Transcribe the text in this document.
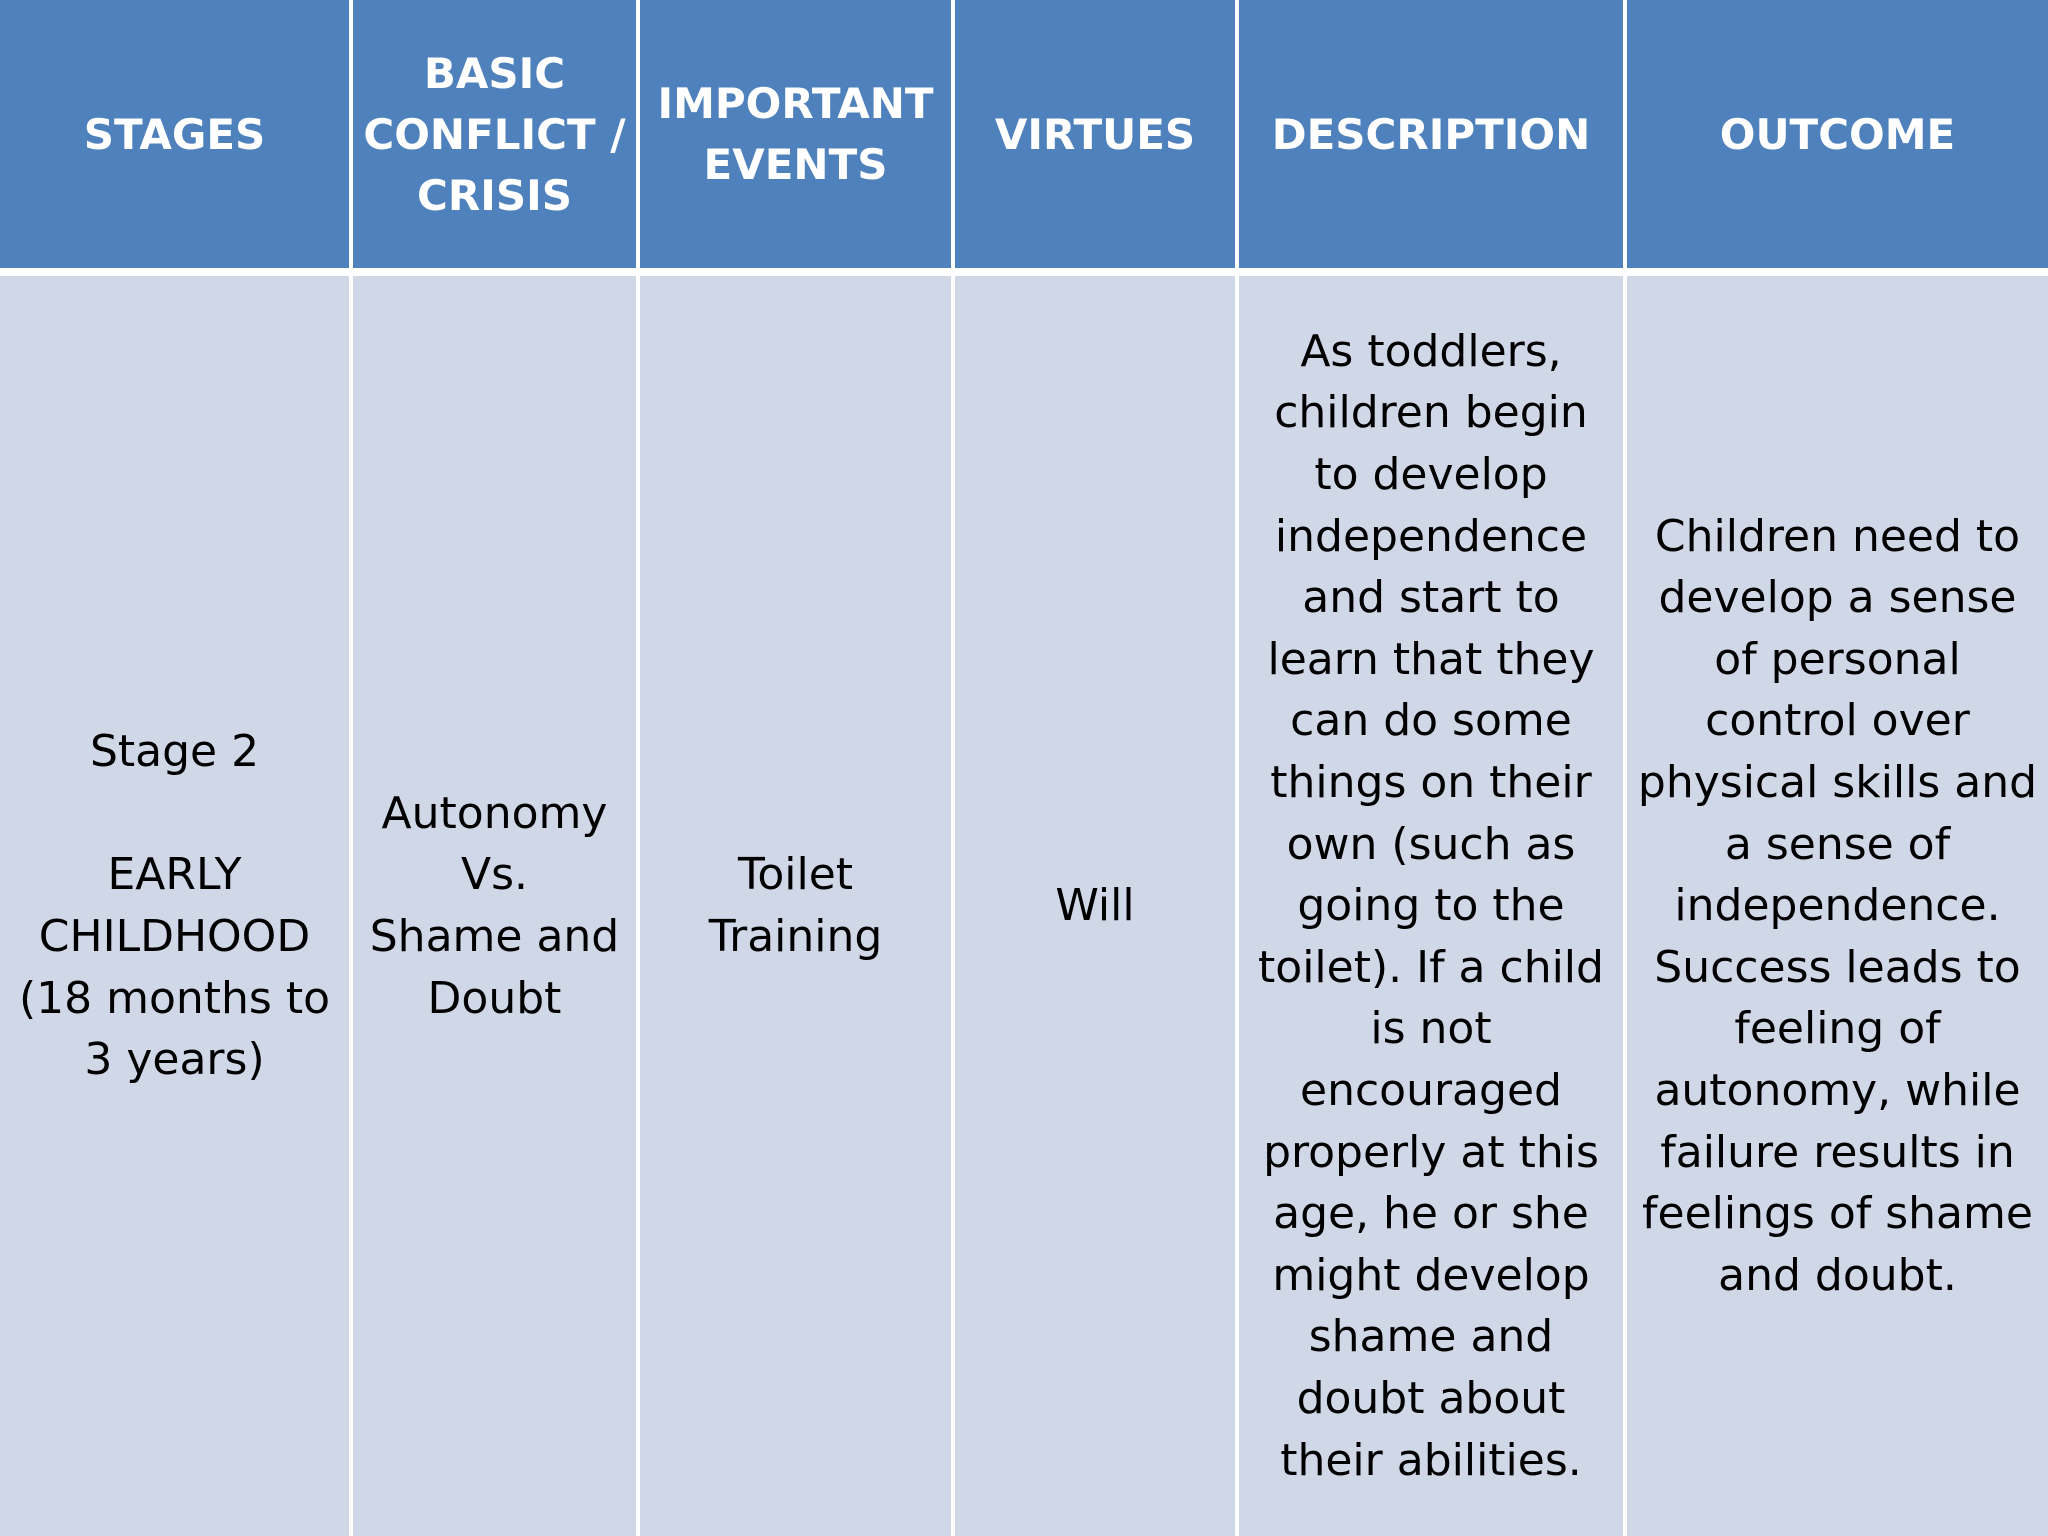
STAGES
BASIC
CONFLICT /
CRISIS
IMPORTANT
EVENTS
VIRTUES DESCRIPTION	OUTCOME
Stage 2

EARLY
CHILDHOOD
(18 months to
3 years)
Autonomy
Vs.
Shame and
Doubt
Toilet
Training
Will
As toddlers,
children begin
to develop
independence
and start to
learn that they
can do some
things on their
own (such as
going to the
toilet). If a child
is not
encouraged
properly at this
age, he or she
might develop
shame and
doubt about
their abilities.
Children need to
develop a sense
of personal
control over
physical skills and
a sense of
independence.
Success leads to
feeling of
autonomy, while
failure results in
feelings of shame
and doubt.
